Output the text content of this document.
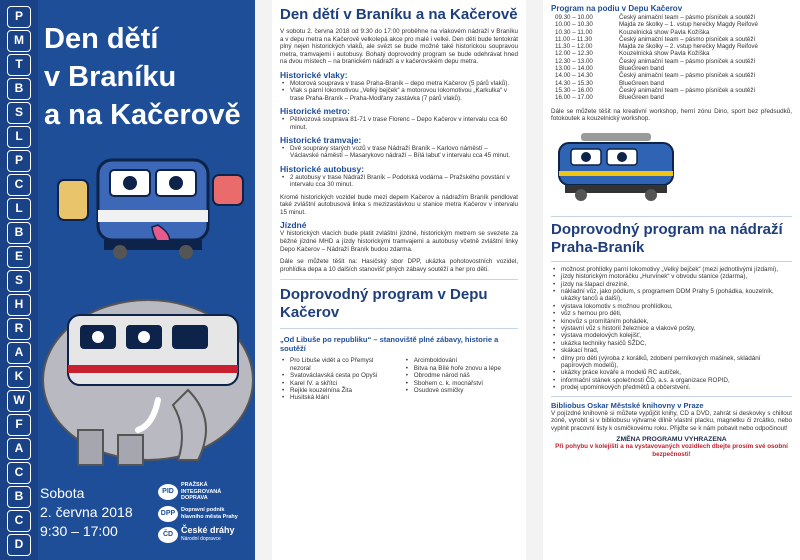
P
M
T
B
S
L
P
C
L
B
E
S
H
R
A
K
W
F
A
C
B
C
D
Den dětí
v Braníku
a na Kačerově
Sobota
2. června 2018
9:30 – 17:00
PID
PRAŽSKÁ
INTEGROVANÁ
DOPRAVA
DPP	Dopravní podnik
hlavního města Prahy
ČD České dráhy
Národní dopravce
Den dětí v Braníku a na Kačerově

V sobotu 2. června 2018 od 9:30 do 17:00 proběhne na vlakovém nádraží v Braníku a v depu metra na Kačerově velkolepá akce pro malé i velké. Den dětí bude tentokrát plný nejen historických vlaků, ale svézt se bude možné také historickou soupravou metra, tramvajemi i autobusy. Bohatý doprovodný program se bude odehrávat hned na dvou místech – na branickém nádraží a v kačerovském depu metra.

Historické vlaky:
• Motorová souprava v trase Praha-Braník – depo metra Kačerov (5 párů vlaků).
• Vlak s parní lokomotivou „Velký bejček“ a motorovou lokomotivou „Karkulka“ v trase Praha-Braník – Praha-Modřany zastávka (7 párů vlaků).
Historické metro:
• Pětivozová souprava 81-71 v trase Florenc – Depo Kačerov v intervalu cca 60 minut.
Historické tramvaje:
• Dvě soupravy starých vozů v trase Nádraží Braník – Karlovo náměstí – Václavské náměstí – Masarykovo nádraží – Bílá labuť v intervalu cca 45 minut.
Historické autobusy:
• 2 autobusy v trase Nádraží Braník – Podolská vodárna – Pražského povstání v intervalu cca 30 minut.

Kromě historických vozidel bude mezi depem Kačerov a nádražím Braník pendlovat také zvláštní autobusová linka s mezizastávkou u stanice metra Kačerov v intervalu 15 minut.

Jízdné

V historických vlacích bude platit zvláštní jízdné, historickým metrem se svezete za běžné jízdné MHD a jízdy historickými tramvajemi a autobusy včetně zvláštní linky Depo Kačerov – Nádraží Braník budou zdarma.

Dále se můžete těšit na: Hasičský sbor DPP, ukázka pohotovostních vozidel, prohlídka depa a 10 dalších stanovišť plných zábavy soutěží a her pro děti.

Doprovodný program v Depu Kačerov
„Od Libuše po republiku“ – stanoviště plné zábavy, historie a soutěží
• Pro Libuše vidět a co Přemysl nezoral
• Svatováclavská cesta po Opyši
• Karel IV. a skřítci
• Rejkle kouzelnína Žita
• Husitská klání
• Arcimboldování
• Bitva na Bílé hoře znovu a lépe
• Obrodme národ náš
• Sbohem c. k. mocnářství
• Osudové osmičky
Program na podiu v Depu Kačerov
09.30 – 10.00	Český animační team – pásmo písniček a soutěží
10.00 – 10.30	Majda ze školky – 1. vstup herečky Magdy Reifové
10.30 – 11.00	Kouzelnická show Pavla Kožíška
11.00 – 11.30	Český animační team – pásmo písniček a soutěží
11.30 – 12.00	Majda ze školky – 2. vstup herečky Magdy Reifové
12.00 – 12.30	Kouzelnická show Pavla Kožíška
12.30 – 13.00	Český animační team – pásmo písniček a soutěží
13.00 – 14.00	BlueGreen band
14.00 – 14.30	Český animační team – pásmo písniček a soutěží
14.30 – 15.30	BlueGreen band
15.30 – 16.00	Český animační team – pásmo písniček a soutěží
16.00 – 17.00	BlueGreen band

Dále se můžete těšit na kreativní workshop, herní zónu Dino, sport bez předsudků, fotokoutek a kouzelnický workshop.

Doprovodný program na nádraží Praha-Braník
• možnost prohlídky parní lokomotivy „Velký bejček“ (mezi jednotlivými jízdami),
• jízdy historickým motoráčku „Hurvínek“ v obvodu stanice (zdarma),
• jízdy na šlapací drezíně,
• nákladní vůz, jako pódium, s programem DDM Prahy 5 (pohádka, kouzelník, ukázky tanců a další),
• výstava lokomotiv s možnou prohlídkou,
• vůz s hernou pro děti,
• kinovůz s promítáním pohádek,
• výstavní vůz s historií železnice a vlakové pošty,
• výstava modelových kolejišť,
• ukázka techniky hasičů SŽDC,
• skákací hrad,
• dílny pro děti (výroba z korálků, zdobení perníkových mašinek, skládání papírových modelů),
• ukázky práce kováře a modelů RC autíček,
• informační stánek společnosti ČD, a.s. a organizace ROPID,
• prodej upomínkových předmětů a občerstvení.
Bibliobus Oskar Městské knihovny v Praze

V pojízdné knihovně si můžete vypůjčit knihy, CD a DVD, zahrát si deskovky s chillout zóně, vyrobit si v bibliobusu výtvarné dílně vlastní placku, magnetku či zrcátko, nebo vyplnit pracovní listy k osmičkovému roku. Přijďte se k nám pobavit nebo odpočinout!

ZMĚNA PROGRAMU VYHRAZENA
Při pohybu v kolejišti a na vystavovaných vozidlech dbejte prosím své osobní bezpečnosti!
